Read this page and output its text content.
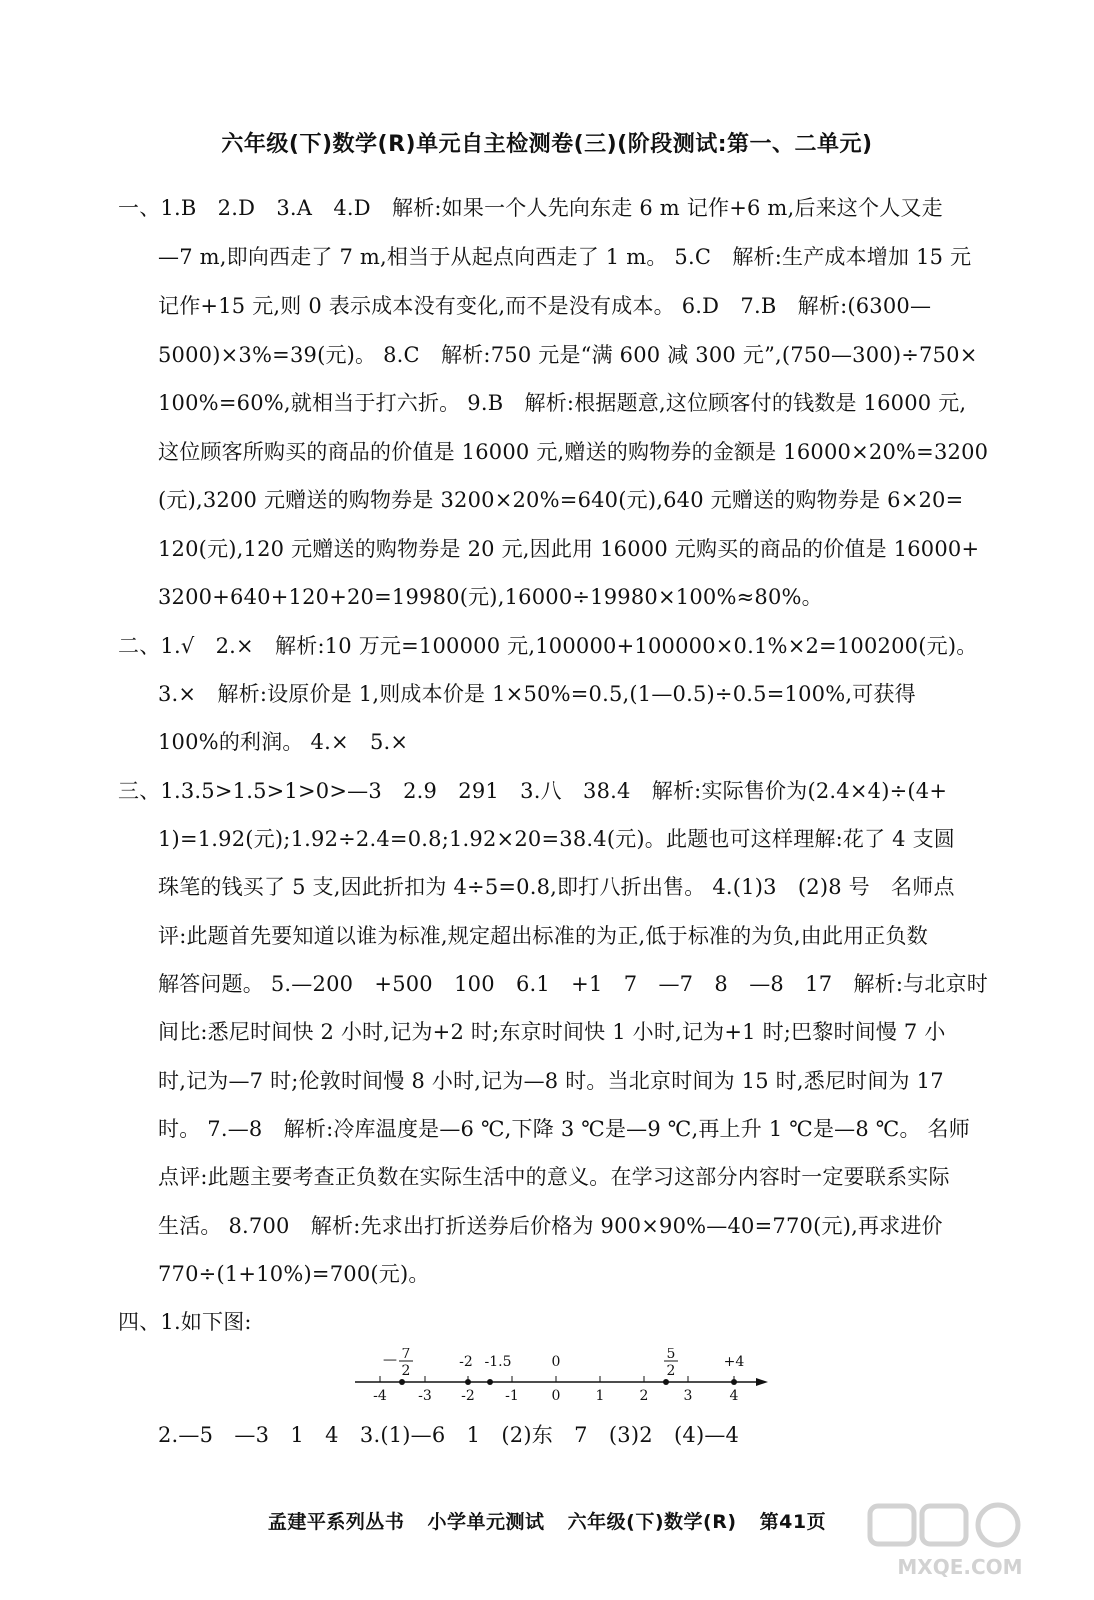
六年级(下)数学(R)单元自主检测卷(三)(阶段测试:第一、二单元)
一、1.B　2.D　3.A　4.D　解析:如果一个人先向东走 6 m 记作+6 m,后来这个人又走
—7 m,即向西走了 7 m,相当于从起点向西走了 1 m。 5.C　解析:生产成本增加 15 元
记作+15 元,则 0 表示成本没有变化,而不是没有成本。 6.D　7.B　解析:(6300—
5000)×3%=39(元)。 8.C　解析:750 元是“满 600 减 300 元”,(750—300)÷750×
100%=60%,就相当于打六折。 9.B　解析:根据题意,这位顾客付的钱数是 16000 元,
这位顾客所购买的商品的价值是 16000 元,赠送的购物券的金额是 16000×20%=3200
(元),3200 元赠送的购物券是 3200×20%=640(元),640 元赠送的购物券是 6×20=
120(元),120 元赠送的购物券是 20 元,因此用 16000 元购买的商品的价值是 16000+
3200+640+120+20=19980(元),16000÷19980×100%≈80%。
二、1.√　2.×　解析:10 万元=100000 元,100000+100000×0.1%×2=100200(元)。
3.×　解析:设原价是 1,则成本价是 1×50%=0.5,(1—0.5)÷0.5=100%,可获得
100%的利润。 4.×　5.×
三、1.3.5>1.5>1>0>—3　2.9　291　3.八　38.4　解析:实际售价为(2.4×4)÷(4+
1)=1.92(元);1.92÷2.4=0.8;1.92×20=38.4(元)。此题也可这样理解:花了 4 支圆
珠笔的钱买了 5 支,因此折扣为 4÷5=0.8,即打八折出售。 4.(1)3　(2)8 号　名师点
评:此题首先要知道以谁为标准,规定超出标准的为正,低于标准的为负,由此用正负数
解答问题。 5.—200　+500　100　6.1　+1　7　—7　8　—8　17　解析:与北京时
间比:悉尼时间快 2 小时,记为+2 时;东京时间快 1 小时,记为+1 时;巴黎时间慢 7 小
时,记为—7 时;伦敦时间慢 8 小时,记为—8 时。当北京时间为 15 时,悉尼时间为 17
时。 7.—8　解析:冷库温度是—6 ℃,下降 3 ℃是—9 ℃,再上升 1 ℃是—8 ℃。 名师
点评:此题主要考查正负数在实际生活中的意义。在学习这部分内容时一定要联系实际
生活。 8.700　解析:先求出打折送券后价格为 900×90%—40=770(元),再求进价
770÷(1+10%)=700(元)。
四、1.如下图:
2.—5　—3　1　4　3.(1)—6　1　(2)东　7　(3)2　(4)—4
-4 -3 -2 -1 0	1	2	3	4
— 7
2
-2 -1.5	0	5
2
+4
孟建平系列丛书 小学单元测试 六年级(下)数学(R) 第41页
MXQE.COM
